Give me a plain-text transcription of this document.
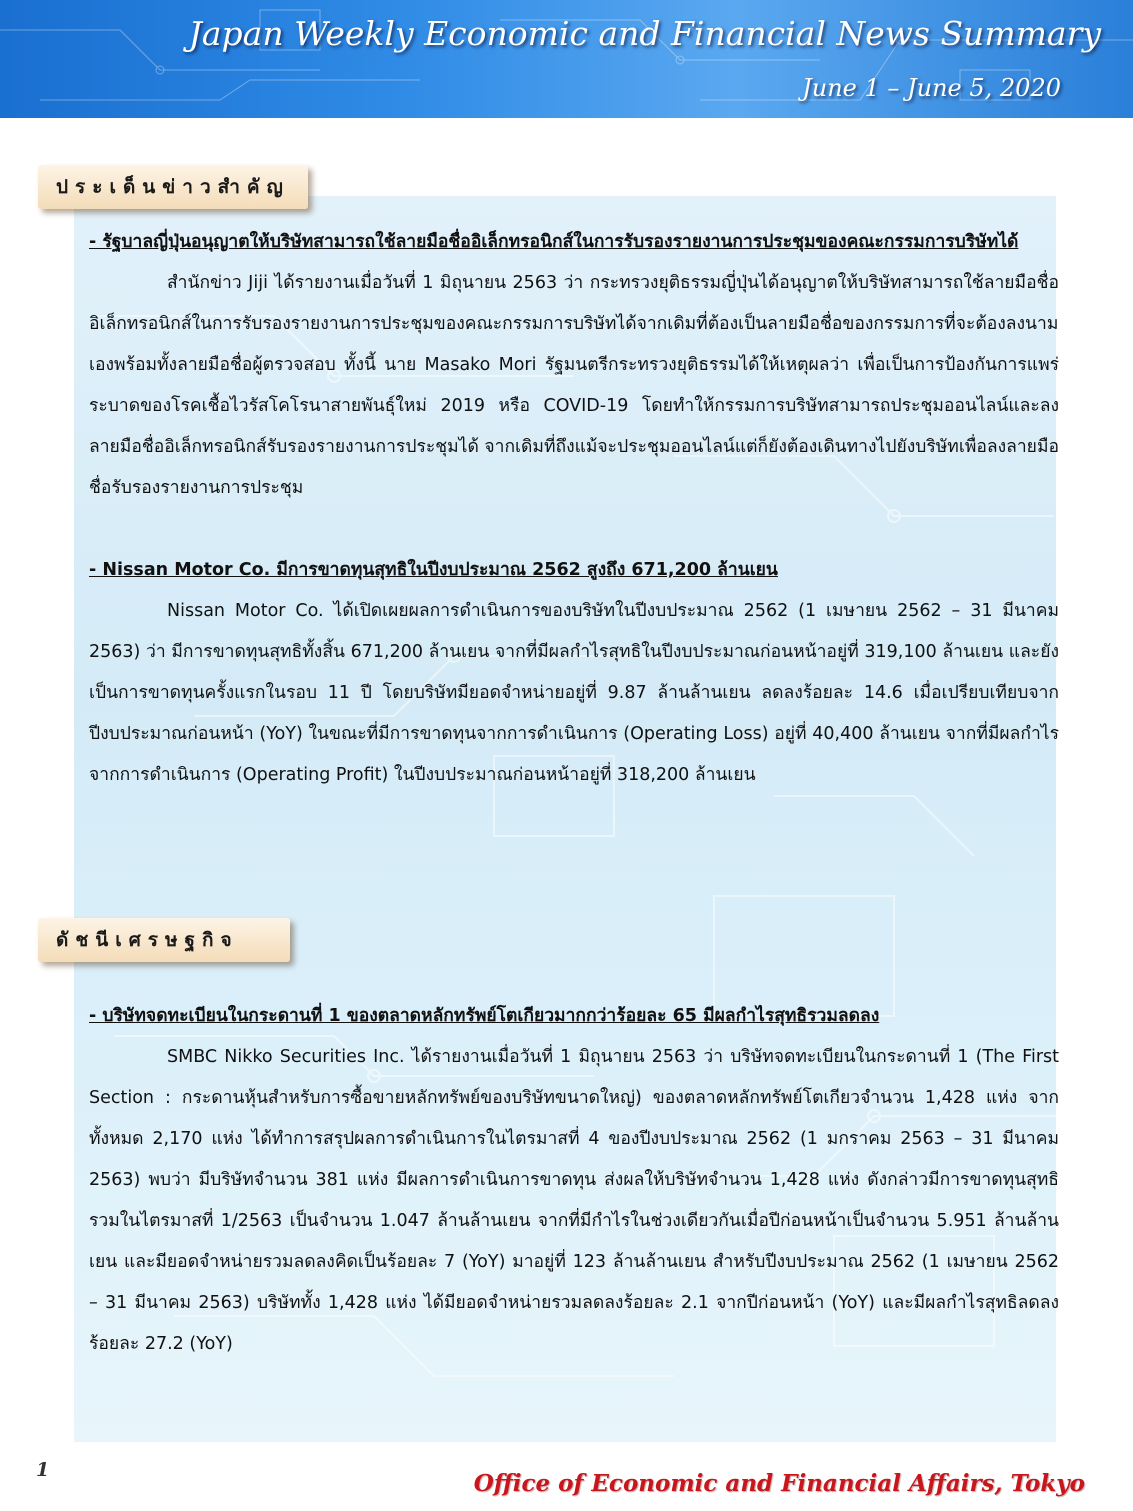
Japan Weekly Economic and Financial News Summary
June 1 – June 5, 2020
ประเด็นข่าวสำคัญ

- รัฐบาลญี่ปุ่นอนุญาตให้บริษัทสามารถใช้ลายมือชื่ออิเล็กทรอนิกส์ในการรับรองรายงานการประชุมของคณะกรรมการบริษัทได้

สำนักข่าว Jiji ได้รายงานเมื่อวันที่ 1 มิถุนายน 2563 ว่า กระทรวงยุติธรรมญี่ปุ่นได้อนุญาตให้บริษัทสามารถใช้ลายมือชื่ออิเล็กทรอนิกส์ในการรับรองรายงานการประชุมของคณะกรรมการบริษัทได้จากเดิมที่ต้องเป็นลายมือชื่อของกรรมการที่จะต้องลงนามเองพร้อมทั้งลายมือชื่อผู้ตรวจสอบ ทั้งนี้ นาย Masako Mori รัฐมนตรีกระทรวงยุติธรรมได้ให้เหตุผลว่า เพื่อเป็นการป้องกันการแพร่ระบาดของโรคเชื้อไวรัสโคโรนาสายพันธุ์ใหม่ 2019 หรือ COVID-19 โดยทำให้กรรมการบริษัทสามารถประชุมออนไลน์และลงลายมือชื่ออิเล็กทรอนิกส์รับรองรายงานการประชุมได้ จากเดิมที่ถึงแม้จะประชุมออนไลน์แต่ก็ยังต้องเดินทางไปยังบริษัทเพื่อลงลายมือชื่อรับรองรายงานการประชุม

- Nissan Motor Co. มีการขาดทุนสุทธิในปีงบประมาณ 2562 สูงถึง 671,200 ล้านเยน

Nissan Motor Co. ได้เปิดเผยผลการดำเนินการของบริษัทในปีงบประมาณ 2562 (1 เมษายน 2562 – 31 มีนาคม 2563) ว่า มีการขาดทุนสุทธิทั้งสิ้น 671,200 ล้านเยน จากที่มีผลกำไรสุทธิในปีงบประมาณก่อนหน้าอยู่ที่ 319,100 ล้านเยน และยังเป็นการขาดทุนครั้งแรกในรอบ 11 ปี โดยบริษัทมียอดจำหน่ายอยู่ที่ 9.87 ล้านล้านเยน ลดลงร้อยละ 14.6 เมื่อเปรียบเทียบจากปีงบประมาณก่อนหน้า (YoY) ในขณะที่มีการขาดทุนจากการดำเนินการ (Operating Loss) อยู่ที่ 40,400 ล้านเยน จากที่มีผลกำไรจากการดำเนินการ (Operating Profit) ในปีงบประมาณก่อนหน้าอยู่ที่ 318,200 ล้านเยน

ดัชนีเศรษฐกิจ

- บริษัทจดทะเบียนในกระดานที่ 1 ของตลาดหลักทรัพย์โตเกียวมากกว่าร้อยละ 65 มีผลกำไรสุทธิรวมลดลง

SMBC Nikko Securities Inc. ได้รายงานเมื่อวันที่ 1 มิถุนายน 2563 ว่า บริษัทจดทะเบียนในกระดานที่ 1 (The First Section : กระดานหุ้นสำหรับการซื้อขายหลักทรัพย์ของบริษัทขนาดใหญ่) ของตลาดหลักทรัพย์โตเกียวจำนวน 1,428 แห่ง จากทั้งหมด 2,170 แห่ง ได้ทำการสรุปผลการดำเนินการในไตรมาสที่ 4 ของปีงบประมาณ 2562 (1 มกราคม 2563 – 31 มีนาคม 2563) พบว่า มีบริษัทจำนวน 381 แห่ง มีผลการดำเนินการขาดทุน ส่งผลให้บริษัทจำนวน 1,428 แห่ง ดังกล่าวมีการขาดทุนสุทธิรวมในไตรมาสที่ 1/2563 เป็นจำนวน 1.047 ล้านล้านเยน จากที่มีกำไรในช่วงเดียวกันเมื่อปีก่อนหน้าเป็นจำนวน 5.951 ล้านล้านเยน และมียอดจำหน่ายรวมลดลงคิดเป็นร้อยละ 7 (YoY) มาอยู่ที่ 123 ล้านล้านเยน สำหรับปีงบประมาณ 2562 (1 เมษายน 2562 – 31 มีนาคม 2563) บริษัททั้ง 1,428 แห่ง ได้มียอดจำหน่ายรวมลดลงร้อยละ 2.1 จากปีก่อนหน้า (YoY) และมีผลกำไรสุทธิลดลงร้อยละ 27.2 (YoY)

1	Office of Economic and Financial Affairs, Tokyo
